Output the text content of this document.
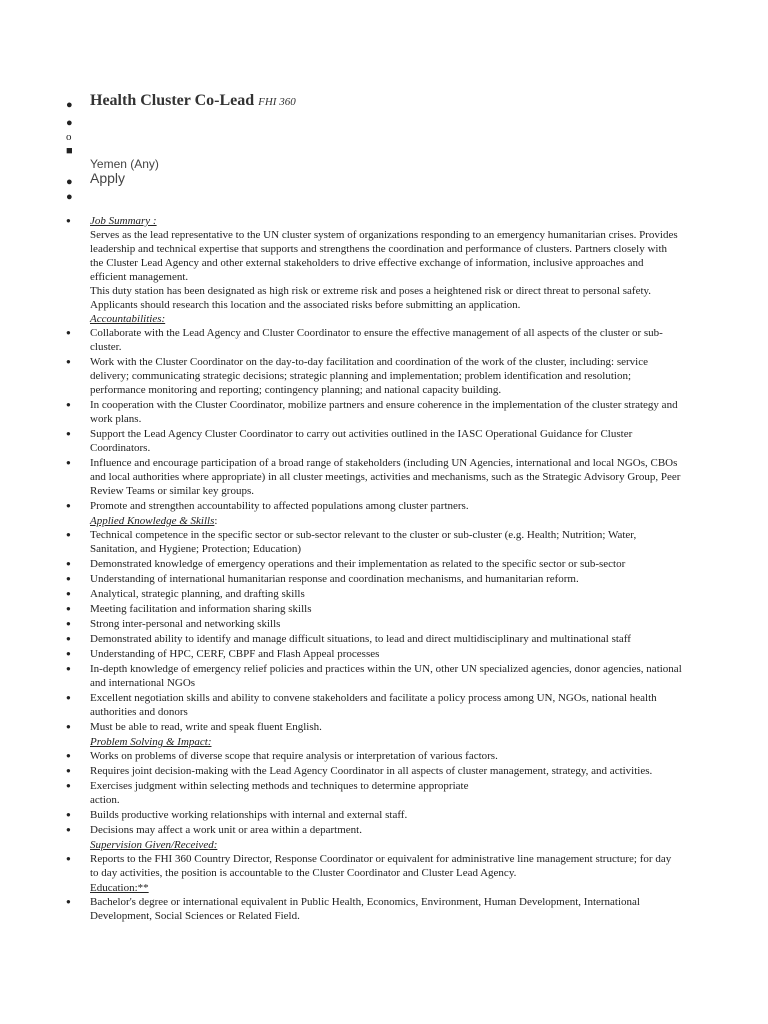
● Health Cluster Co-Lead FHI 360
●
o
■
Yemen (Any)
● Apply
●

● Job Summary :

Serves as the lead representative to the UN cluster system of organizations responding to an emergency humanitarian crises. Provides leadership and technical expertise that supports and strengthens the coordination and performance of clusters. Partners closely with the Cluster Lead Agency and other external stakeholders to drive effective exchange of information, inclusive approaches and efficient management.

This duty station has been designated as high risk or extreme risk and poses a heightened risk or direct threat to personal safety. Applicants should research this location and the associated risks before submitting an application.

Accountabilities:

● Collaborate with the Lead Agency and Cluster Coordinator to ensure the effective management of all aspects of the cluster or sub-cluster.
● Work with the Cluster Coordinator on the day-to-day facilitation and coordination of the work of the cluster, including: service delivery; communicating strategic decisions; strategic planning and implementation; problem identification and resolution; performance monitoring and reporting; contingency planning; and national capacity building.
● In cooperation with the Cluster Coordinator, mobilize partners and ensure coherence in the implementation of the cluster strategy and work plans.
● Support the Lead Agency Cluster Coordinator to carry out activities outlined in the IASC Operational Guidance for Cluster Coordinators.
● Influence and encourage participation of a broad range of stakeholders (including UN Agencies, international and local NGOs, CBOs and local authorities where appropriate) in all cluster meetings, activities and mechanisms, such as the Strategic Advisory Group, Peer Review Teams or similar key groups.
● Promote and strengthen accountability to affected populations among cluster partners.

Applied Knowledge & Skills:

● Technical competence in the specific sector or sub-sector relevant to the cluster or sub-cluster (e.g. Health; Nutrition; Water, Sanitation, and Hygiene; Protection; Education)
● Demonstrated knowledge of emergency operations and their implementation as related to the specific sector or sub-sector
● Understanding of international humanitarian response and coordination mechanisms, and humanitarian reform.
● Analytical, strategic planning, and drafting skills
● Meeting facilitation and information sharing skills
● Strong inter-personal and networking skills
● Demonstrated ability to identify and manage difficult situations, to lead and direct multidisciplinary and multinational staff
● Understanding of HPC, CERF, CBPF and Flash Appeal processes
● In-depth knowledge of emergency relief policies and practices within the UN, other UN specialized agencies, donor agencies, national and international NGOs
● Excellent negotiation skills and ability to convene stakeholders and facilitate a policy process among UN, NGOs, national health authorities and donors
● Must be able to read, write and speak fluent English.

Problem Solving & Impact:

● Works on problems of diverse scope that require analysis or interpretation of various factors.
● Requires joint decision-making with the Lead Agency Coordinator in all aspects of cluster management, strategy, and activities.
● Exercises judgment within selecting methods and techniques to determine appropriate action.
● Builds productive working relationships with internal and external staff.
● Decisions may affect a work unit or area within a department.

Supervision Given/Received:

● Reports to the FHI 360 Country Director, Response Coordinator or equivalent for administrative line management structure; for day to day activities, the position is accountable to the Cluster Coordinator and Cluster Lead Agency.

Education:**

● Bachelor's degree or international equivalent in Public Health, Economics, Environment, Human Development, International Development, Social Sciences or Related Field.
